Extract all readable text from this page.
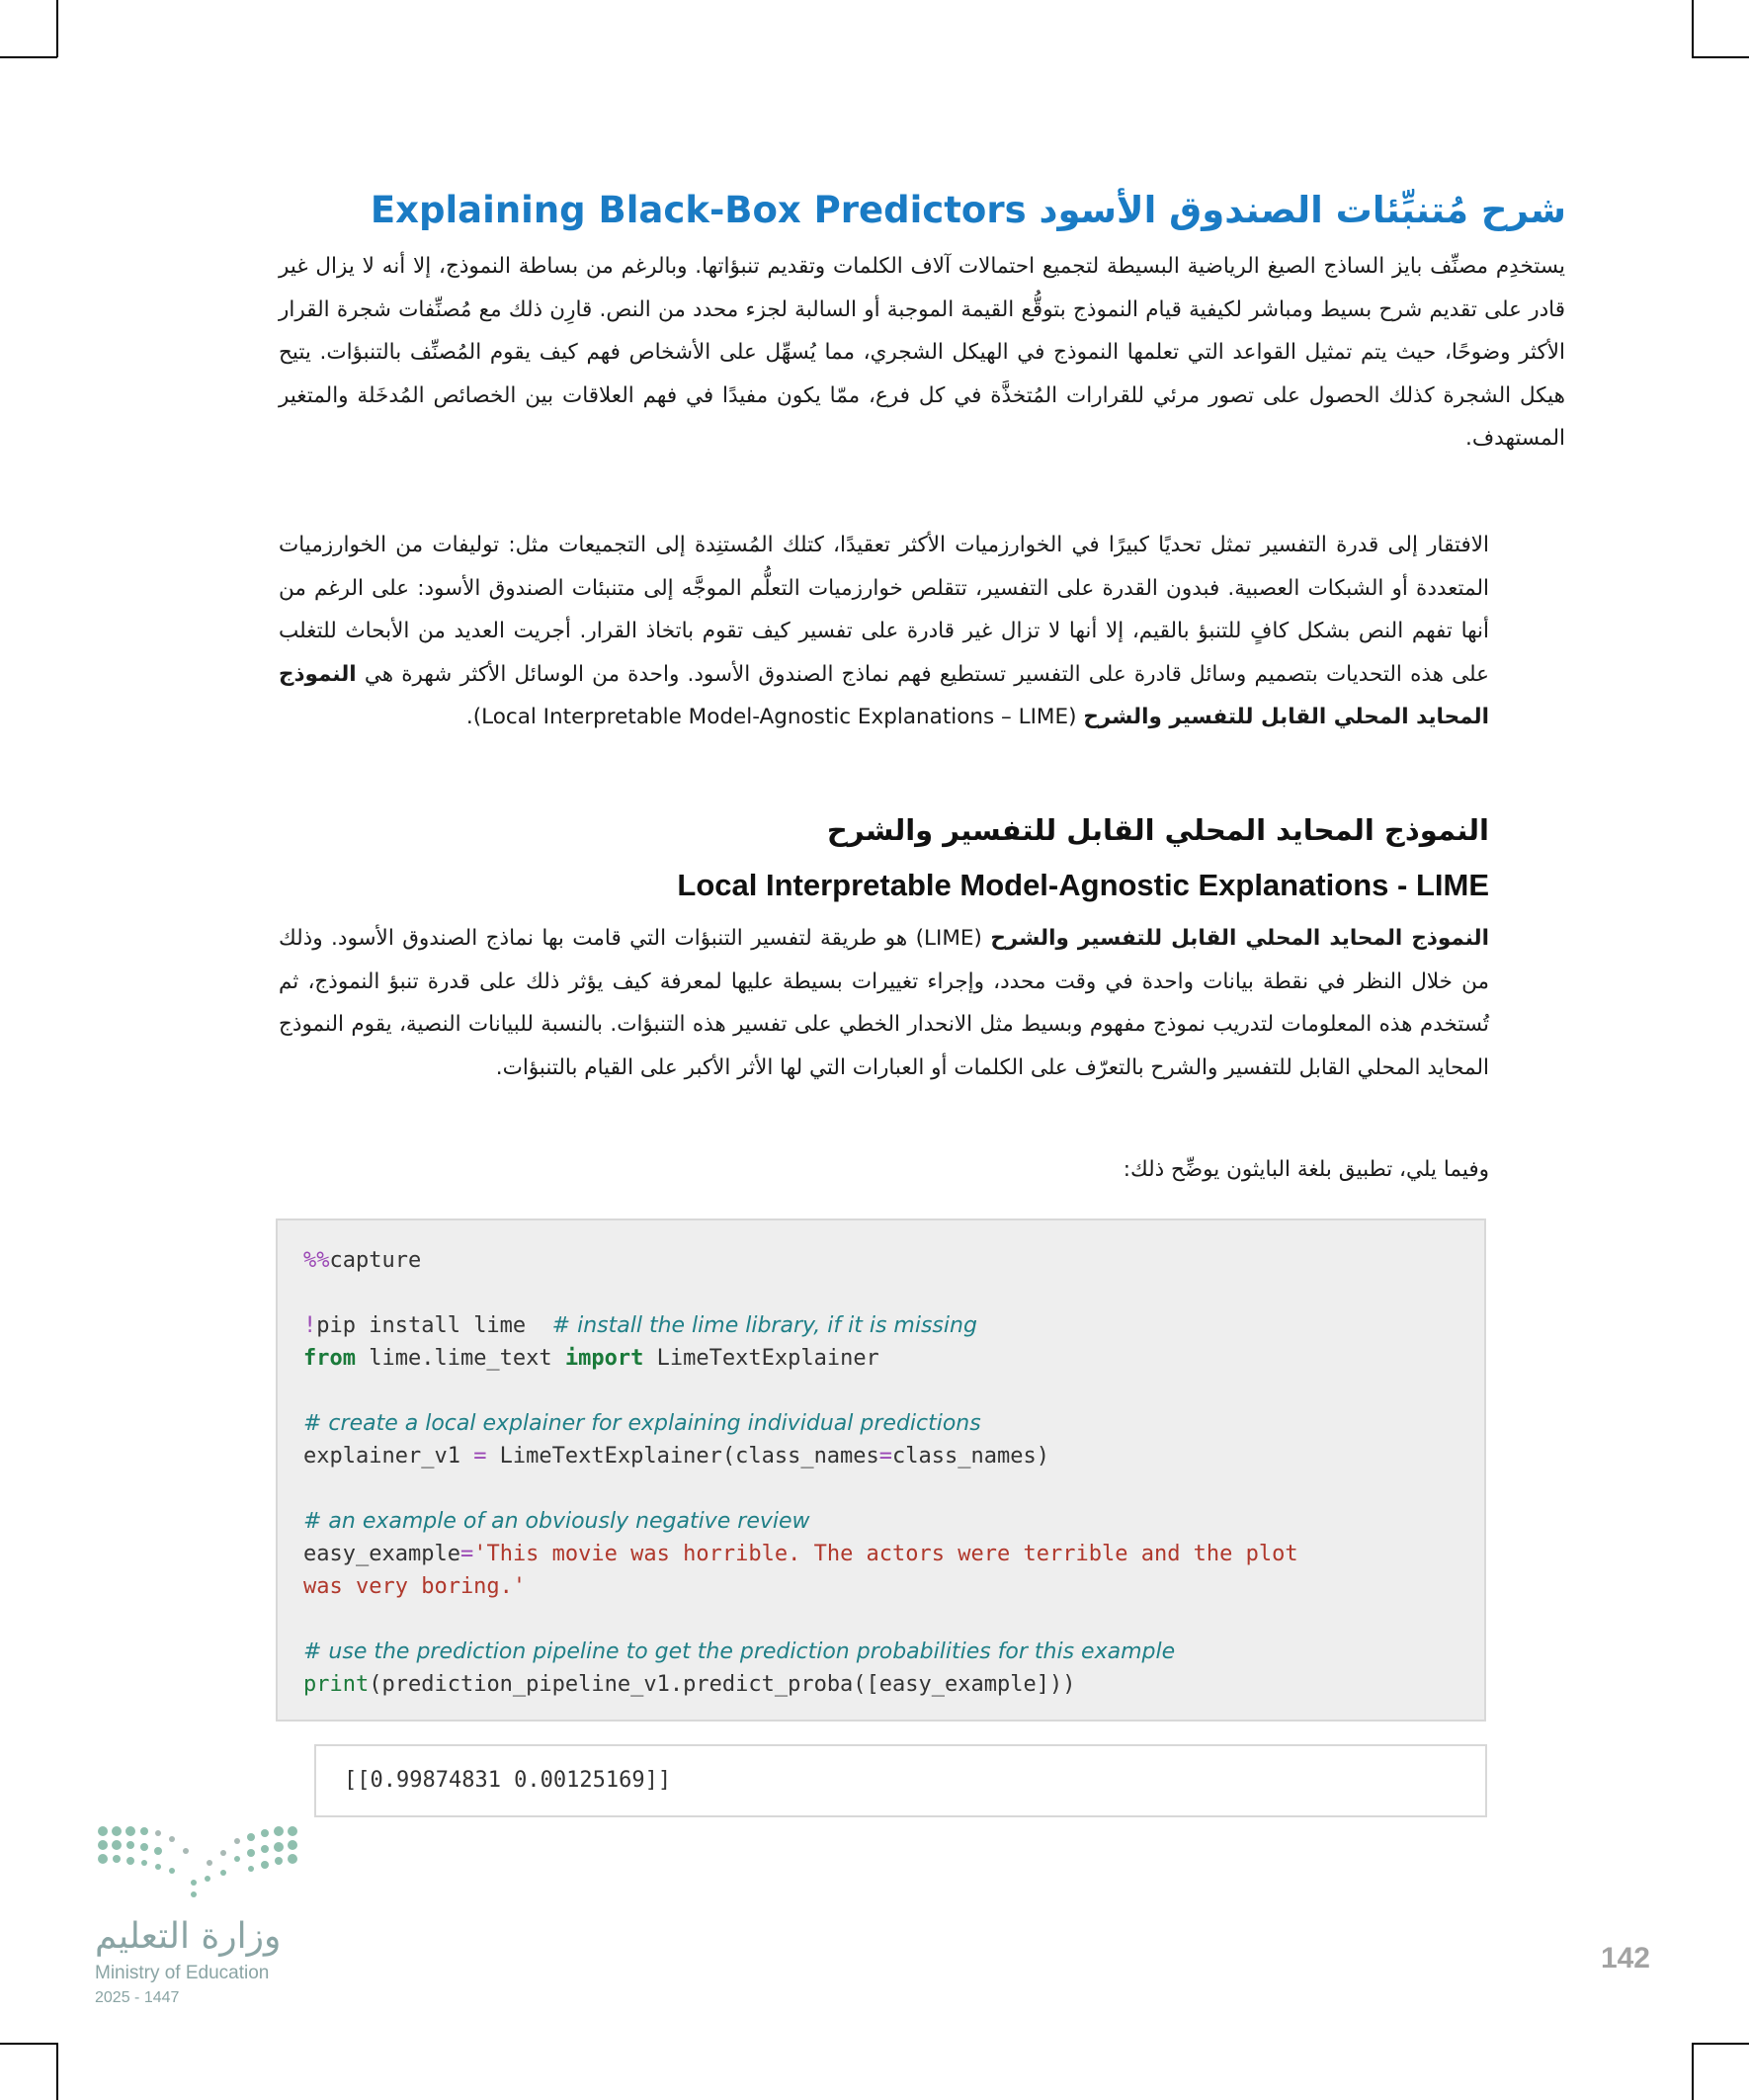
شرح مُتنبِّئات الصندوق الأسود Explaining Black-Box Predictors

يستخدِم مصنِّف بايز الساذج الصيغ الرياضية البسيطة لتجميع احتمالات آلاف الكلمات وتقديم تنبؤاتها. وبالرغم من بساطة النموذج، إلا أنه لا يزال غير قادر على تقديم شرح بسيط ومباشر لكيفية قيام النموذج بتوقُّع القيمة الموجبة أو السالبة لجزء محدد من النص. قارِن ذلك مع مُصنِّفات شجرة القرار الأكثر وضوحًا، حيث يتم تمثيل القواعد التي تعلمها النموذج في الهيكل الشجري، مما يُسهِّل على الأشخاص فهم كيف يقوم المُصنِّف بالتنبؤات. يتيح هيكل الشجرة كذلك الحصول على تصور مرئي للقرارات المُتخذَّة في كل فرع، ممّا يكون مفيدًا في فهم العلاقات بين الخصائص المُدخَلة والمتغير المستهدف.

الافتقار إلى قدرة التفسير تمثل تحديًا كبيرًا في الخوارزميات الأكثر تعقيدًا، كتلك المُستنِدة إلى التجميعات مثل: توليفات من الخوارزميات المتعددة أو الشبكات العصبية. فبدون القدرة على التفسير، تتقلص خوارزميات التعلُّم الموجَّه إلى متنبئات الصندوق الأسود: على الرغم من أنها تفهم النص بشكل كافٍ للتنبؤ بالقيم، إلا أنها لا تزال غير قادرة على تفسير كيف تقوم باتخاذ القرار. أجريت العديد من الأبحاث للتغلب على هذه التحديات بتصميم وسائل قادرة على التفسير تستطيع فهم نماذج الصندوق الأسود. واحدة من الوسائل الأكثر شهرة هي النموذج المحايد المحلي القابل للتفسير والشرح (Local Interpretable Model-Agnostic Explanations – LIME).

النموذج المحايد المحلي القابل للتفسير والشرح
Local Interpretable Model-Agnostic Explanations - LIME

النموذج المحايد المحلي القابل للتفسير والشرح (LIME) هو طريقة لتفسير التنبؤات التي قامت بها نماذج الصندوق الأسود. وذلك من خلال النظر في نقطة بيانات واحدة في وقت محدد، وإجراء تغييرات بسيطة عليها لمعرفة كيف يؤثر ذلك على قدرة تنبؤ النموذج، ثم تُستخدم هذه المعلومات لتدريب نموذج مفهوم وبسيط مثل الانحدار الخطي على تفسير هذه التنبؤات. بالنسبة للبيانات النصية، يقوم النموذج المحايد المحلي القابل للتفسير والشرح بالتعرّف على الكلمات أو العبارات التي لها الأثر الأكبر على القيام بالتنبؤات.

وفيما يلي، تطبيق بلغة البايثون يوضِّح ذلك:
%%capture
!pip install lime # install the lime library, if it is missing
from lime.lime_text import LimeTextExplainer
# create a local explainer for explaining individual predictions
explainer_v1 = LimeTextExplainer(class_names=class_names)
# an example of an obviously negative review
easy_example='This movie was horrible. The actors were terrible and the plot
was very boring.'
# use the prediction pipeline to get the prediction probabilities for this example
print(prediction_pipeline_v1.predict_proba([easy_example]))
[[0.99874831 0.00125169]]
وزارة التعليم
Ministry of Education
2025 - 1447
142
